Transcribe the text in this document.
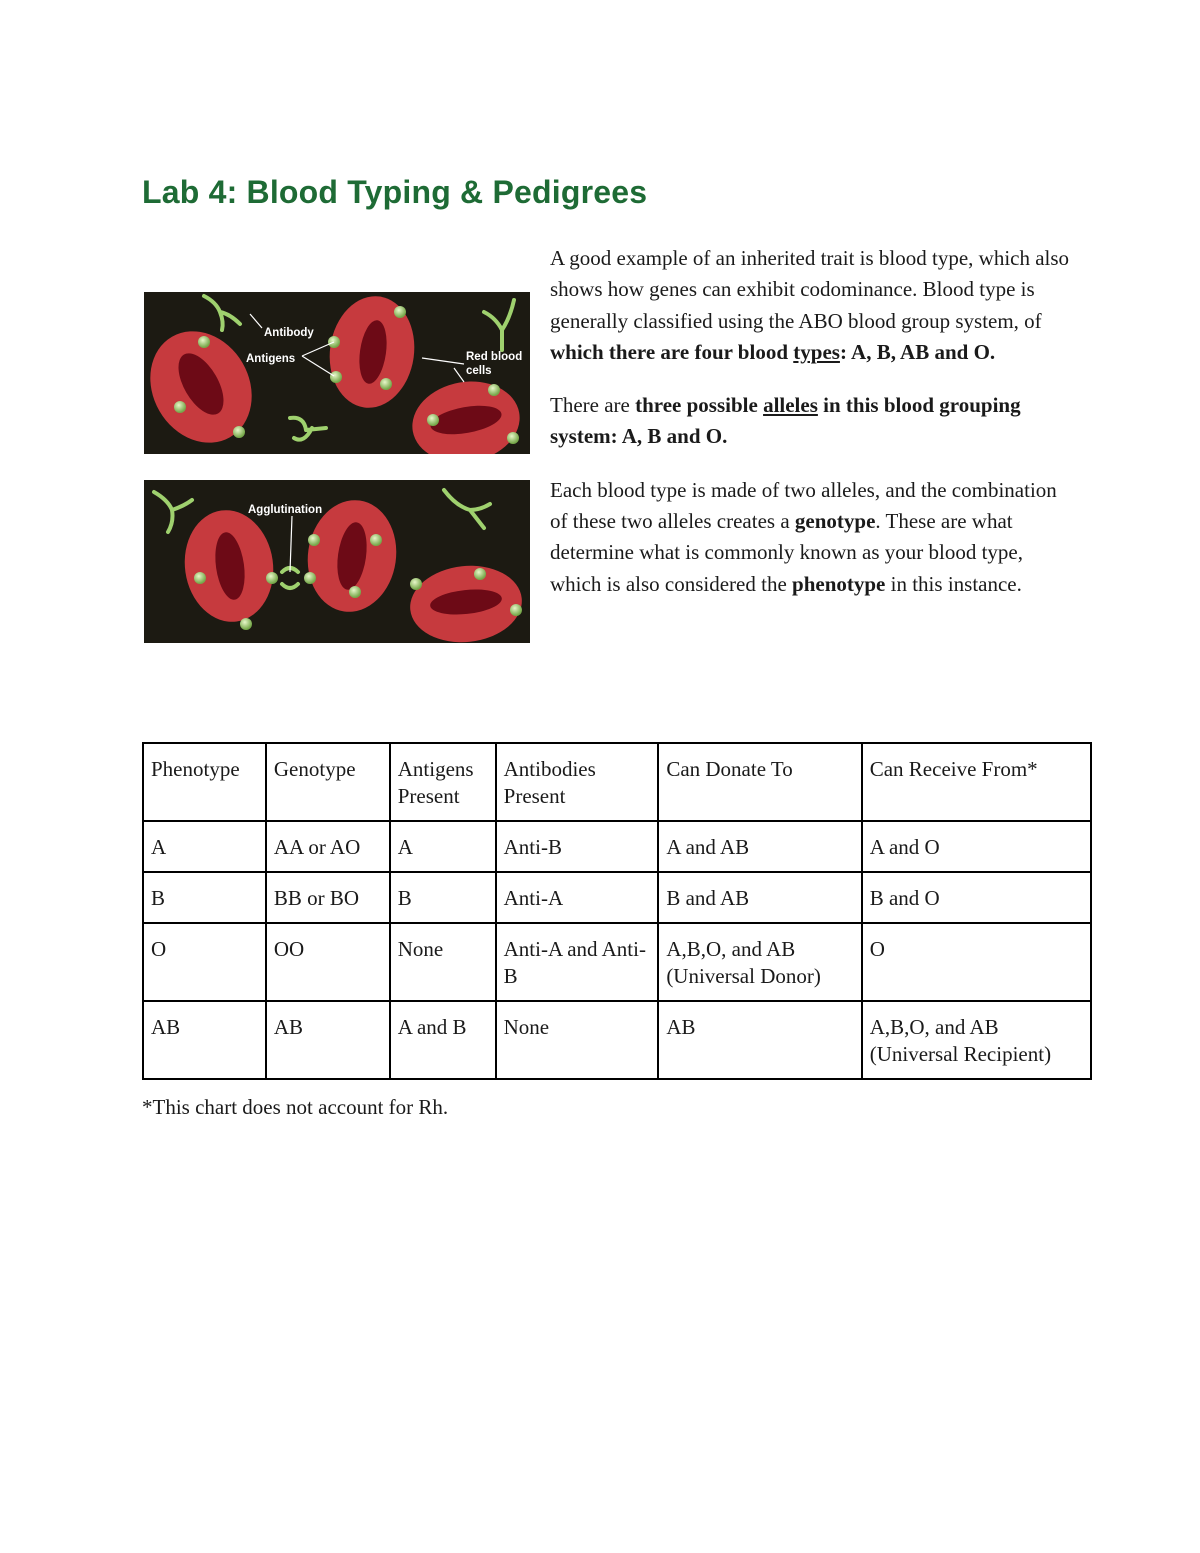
Lab 4: Blood Typing & Pedigrees
Antibody
Antigens	Red blood
cells
Agglutination

A good example of an inherited trait is blood type, which also shows how genes can exhibit codominance. Blood type is generally classified using the ABO blood group system, of which there are four blood types: A, B, AB and O.

There are three possible alleles in this blood grouping system: A, B and O.

Each blood type is made of two alleles, and the combination of these two alleles creates a genotype. These are what determine what is commonly known as your blood type, which is also considered the phenotype in this instance.

Phenotype	Genotype	Antigens Present	Antibodies Present	Can Donate To	Can Receive From*
A	AA or AO	A	Anti-B	A and AB	A and O
B	BB or BO	B	Anti-A	B and AB	B and O
O	OO	None	Anti-A and Anti-B	A,B,O, and AB (Universal Donor)	O
AB	AB	A and B	None	AB	A,B,O, and AB (Universal Recipient)

*This chart does not account for Rh.
